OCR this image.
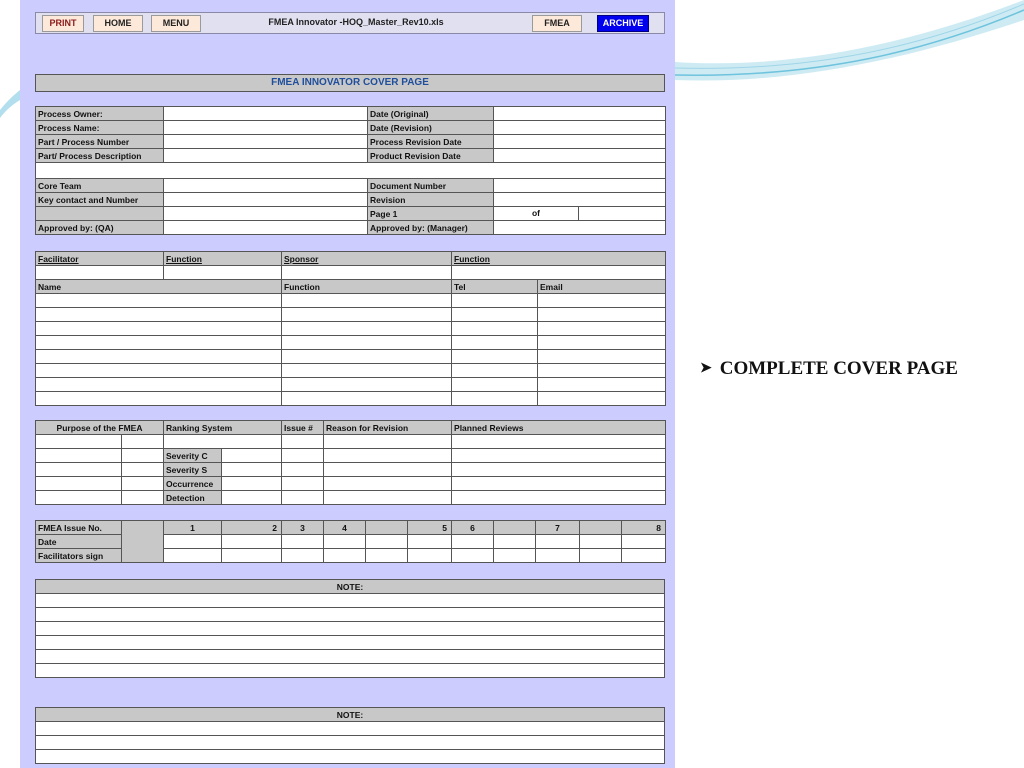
PRINT	HOME	MENU	FMEA Innovator -HOQ_Master_Rev10.xls	FMEA	ARCHIVE
FMEA INNOVATOR COVER PAGE
Process Owner:		Date (Original)	
Process Name:		Date (Revision)	
Part / Process Number		Process Revision Date	
Part/ Process Description		Product Revision Date	

Core Team		Document Number	
Key contact and Number		Revision	
		Page 1	of

Approved by: (QA)		Approved by: (Manager)	
Facilitator	Function	Sponsor	Function	

Name		Function	Tel	Email

Purpose of the FMEA		Ranking System		Issue #	Reason for Revision	Planned Reviews

		Severity C				
		Severity S				
		Occurrence				
		Detection				
FMEA Issue No.		1	2	3	4		5	6		7		8
Date												
Facilitators sign												
NOTE:

NOTE:

➤ COMPLETE COVER PAGE
